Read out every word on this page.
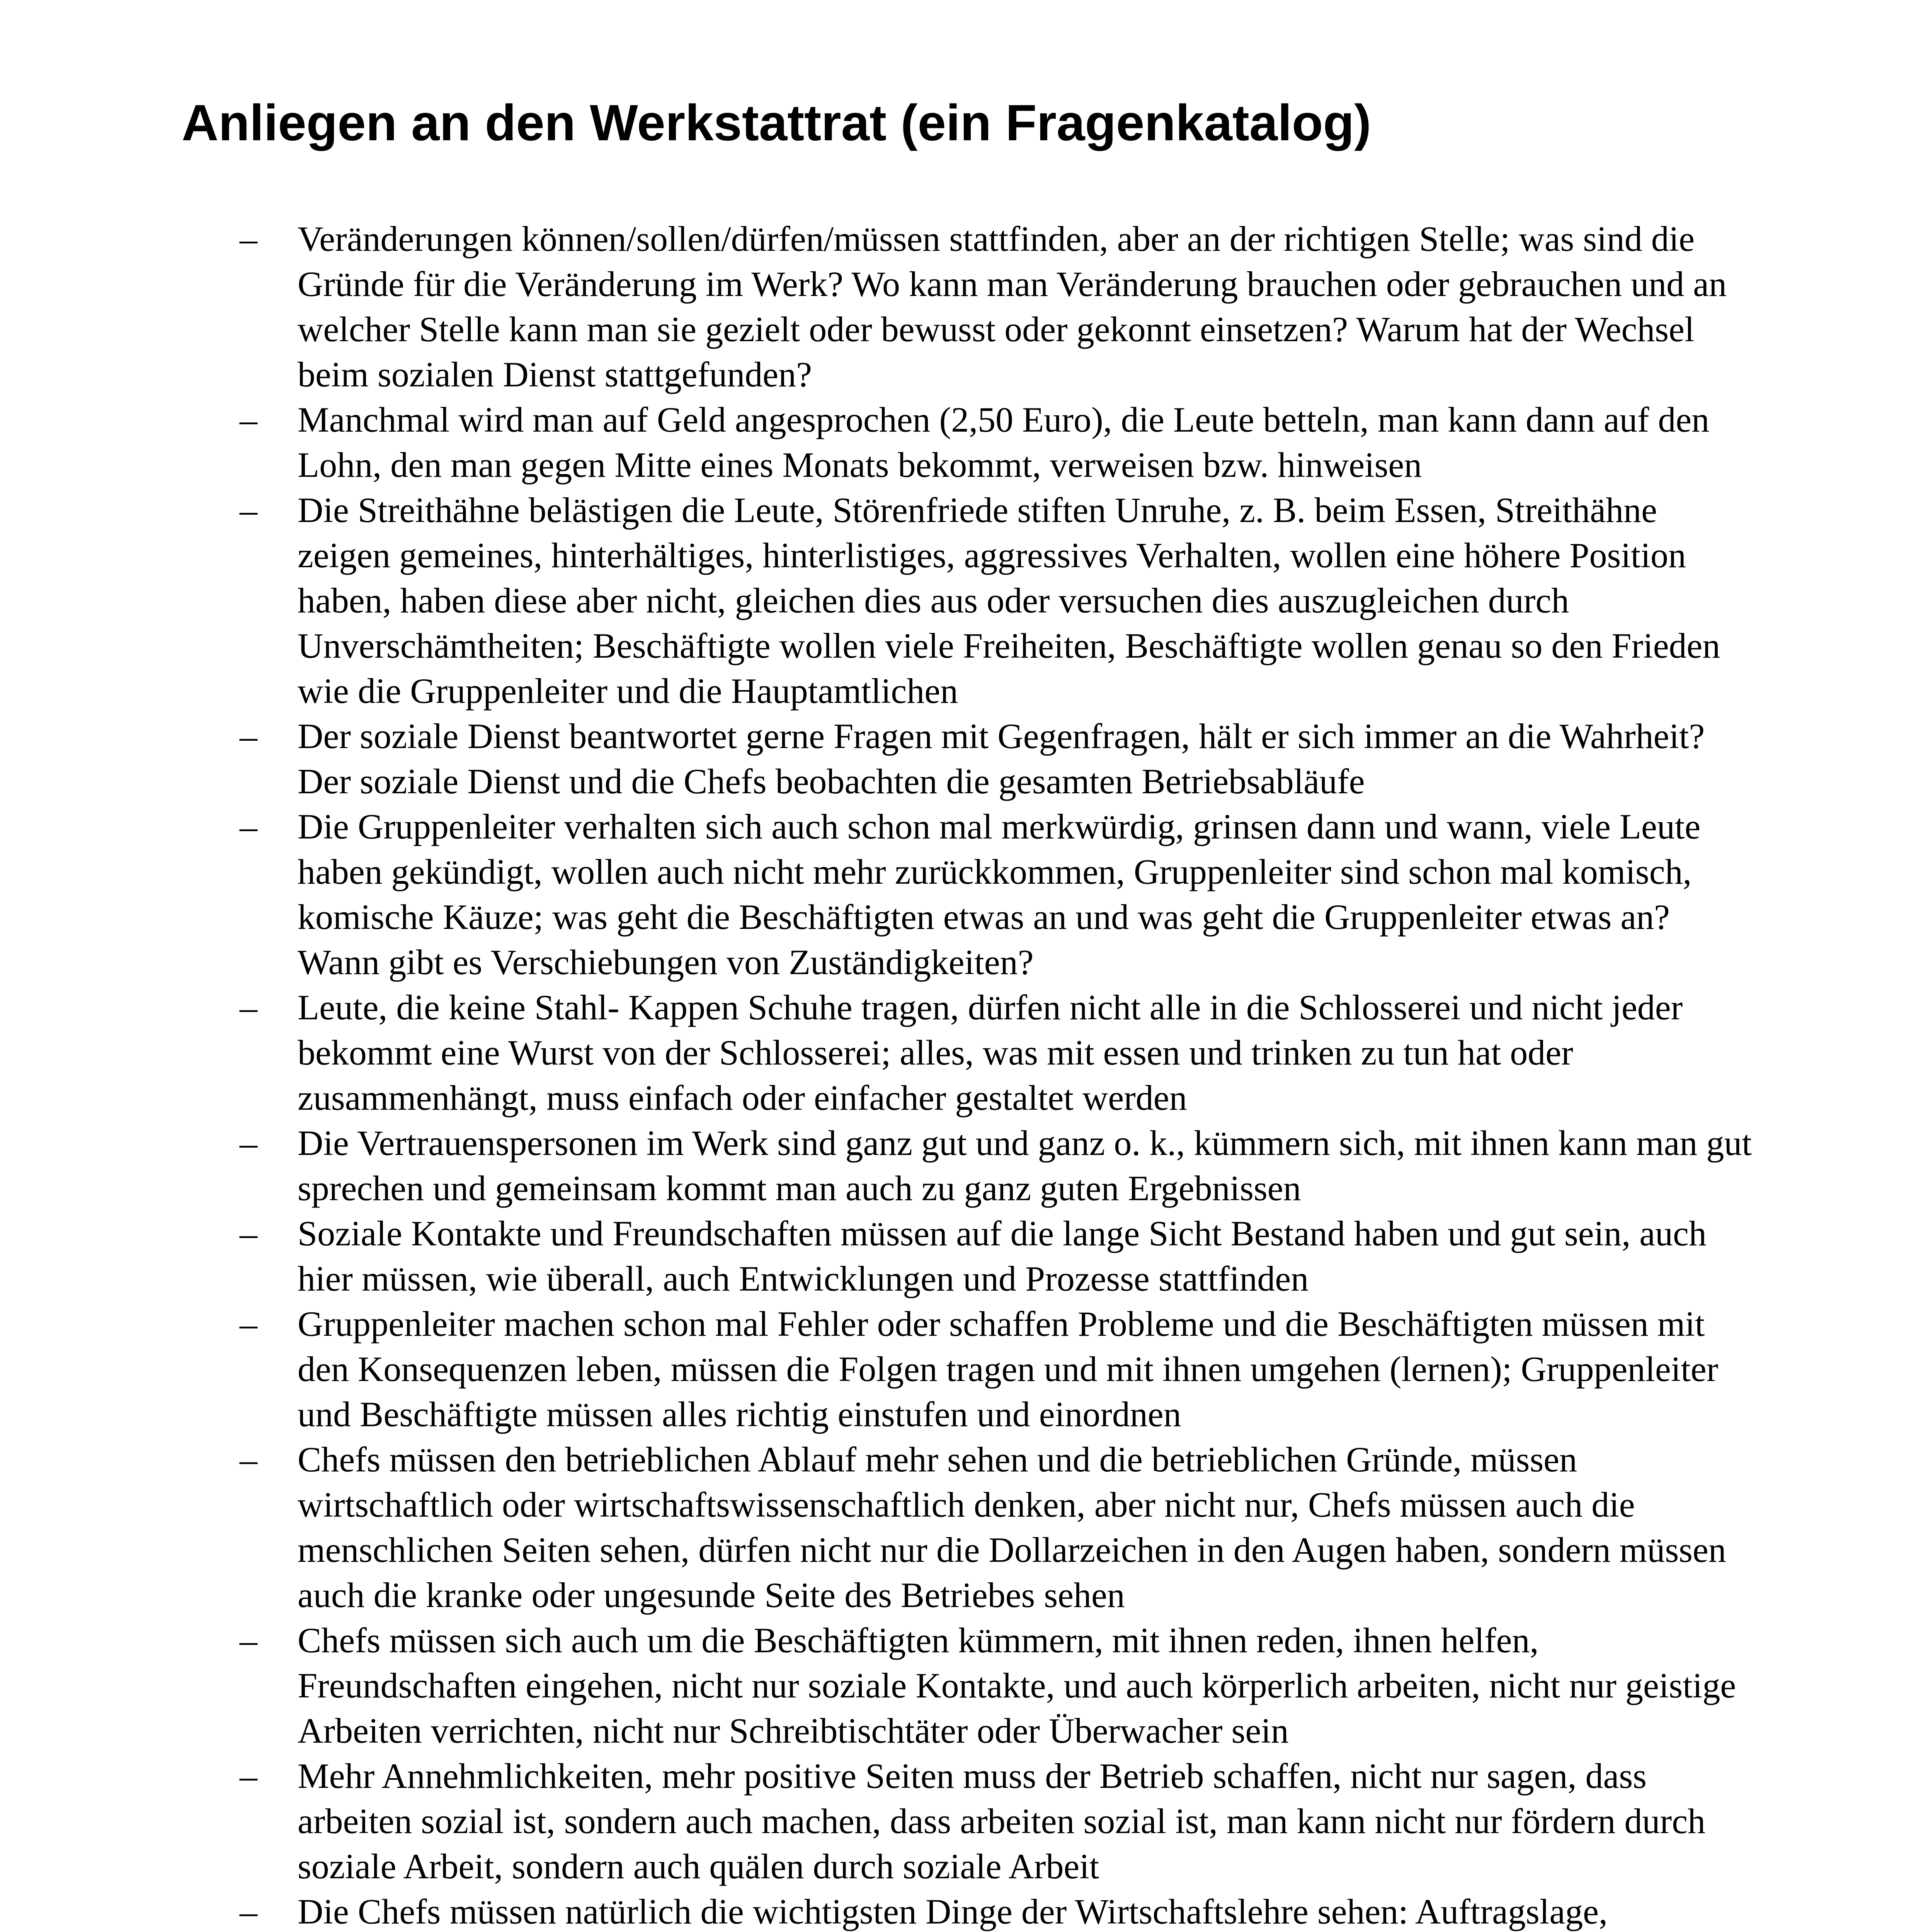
Anliegen an den Werkstattrat (ein Fragenkatalog)
– Veränderungen können/sollen/dürfen/müssen stattfinden, aber an der richtigen Stelle; was sind die Gründe für die Veränderung im Werk? Wo kann man Veränderung brauchen oder gebrauchen und an welcher Stelle kann man sie gezielt oder bewusst oder gekonnt einsetzen? Warum hat der Wechsel beim sozialen Dienst stattgefunden?
– Manchmal wird man auf Geld angesprochen (2,50 Euro), die Leute betteln, man kann dann auf den Lohn, den man gegen Mitte eines Monats bekommt, verweisen bzw. hinweisen
– Die Streithähne belästigen die Leute, Störenfriede stiften Unruhe, z. B. beim Essen, Streithähne zeigen gemeines, hinterhältiges, hinterlistiges, aggressives Verhalten, wollen eine höhere Position haben, haben diese aber nicht, gleichen dies aus oder versuchen dies auszugleichen durch Unverschämtheiten; Beschäftigte wollen viele Freiheiten, Beschäftigte wollen genau so den Frieden wie die Gruppenleiter und die Hauptamtlichen
– Der soziale Dienst beantwortet gerne Fragen mit Gegenfragen, hält er sich immer an die Wahrheit? Der soziale Dienst und die Chefs beobachten die gesamten Betriebsabläufe
– Die Gruppenleiter verhalten sich auch schon mal merkwürdig, grinsen dann und wann, viele Leute haben gekündigt, wollen auch nicht mehr zurückkommen, Gruppenleiter sind schon mal komisch, komische Käuze; was geht die Beschäftigten etwas an und was geht die Gruppenleiter etwas an? Wann gibt es Verschiebungen von Zuständigkeiten?
– Leute, die keine Stahl- Kappen Schuhe tragen, dürfen nicht alle in die Schlosserei und nicht jeder bekommt eine Wurst von der Schlosserei; alles, was mit essen und trinken zu tun hat oder zusammenhängt, muss einfach oder einfacher gestaltet werden
– Die Vertrauenspersonen im Werk sind ganz gut und ganz o. k., kümmern sich, mit ihnen kann man gut sprechen und gemeinsam kommt man auch zu ganz guten Ergebnissen
– Soziale Kontakte und Freundschaften müssen auf die lange Sicht Bestand haben und gut sein, auch hier müssen, wie überall, auch Entwicklungen und Prozesse stattfinden
– Gruppenleiter machen schon mal Fehler oder schaffen Probleme und die Beschäftigten müssen mit den Konsequenzen leben, müssen die Folgen tragen und mit ihnen umgehen (lernen); Gruppenleiter und Beschäftigte müssen alles richtig einstufen und einordnen
– Chefs müssen den betrieblichen Ablauf mehr sehen und die betrieblichen Gründe, müssen wirtschaftlich oder wirtschaftswissenschaftlich denken, aber nicht nur, Chefs müssen auch die menschlichen Seiten sehen, dürfen nicht nur die Dollarzeichen in den Augen haben, sondern müssen auch die kranke oder ungesunde Seite des Betriebes sehen
– Chefs müssen sich auch um die Beschäftigten kümmern, mit ihnen reden, ihnen helfen, Freundschaften eingehen, nicht nur soziale Kontakte, und auch körperlich arbeiten, nicht nur geistige Arbeiten verrichten, nicht nur Schreibtischtäter oder Überwacher sein
– Mehr Annehmlichkeiten, mehr positive Seiten muss der Betrieb schaffen, nicht nur sagen, dass arbeiten sozial ist, sondern auch machen, dass arbeiten sozial ist, man kann nicht nur fördern durch soziale Arbeit, sondern auch quälen durch soziale Arbeit
– Die Chefs müssen natürlich die wichtigsten Dinge der Wirtschaftslehre sehen: Auftragslage,
